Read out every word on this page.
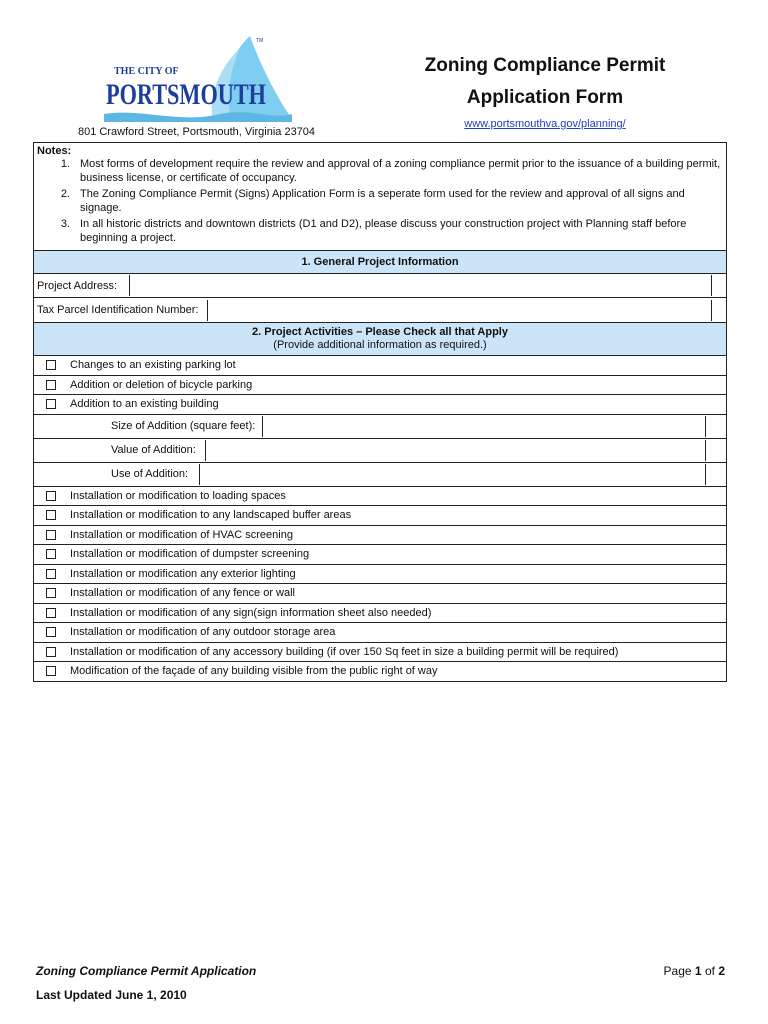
THE CITY OF
PORTSMOUTH
TM
801 Crawford Street, Portsmouth, Virginia 23704
Zoning Compliance Permit
Application Form
www.portsmouthva.gov/planning/
Notes:
1. Most forms of development require the review and approval of a zoning compliance permit prior to the issuance of a building permit, business license, or certificate of occupancy.
2. The Zoning Compliance Permit (Signs) Application Form is a seperate form used for the review and approval of all signs and signage.
3. In all historic districts and downtown districts (D1 and D2), please discuss your construction project with Planning staff before beginning a project.
1. General Project Information
Project Address:
Tax Parcel Identification Number:
2. Project Activities – Please Check all that Apply
(Provide additional information as required.)
Changes to an existing parking lot
Addition or deletion of bicycle parking
Addition to an existing building
Size of Addition (square feet):
Value of Addition:
Use of Addition:
Installation or modification to loading spaces
Installation or modification to any landscaped buffer areas
Installation or modification of HVAC screening
Installation or modification of dumpster screening
Installation or modification any exterior lighting
Installation or modification of any fence or wall
Installation or modification of any sign(sign information sheet also needed)
Installation or modification of any outdoor storage area
Installation or modification of any accessory building (if over 150 Sq feet in size a building permit will be required)
Modification of the façade of any building visible from the public right of way
Zoning Compliance Permit Application
Last Updated June 1, 2010
Page 1 of 2
